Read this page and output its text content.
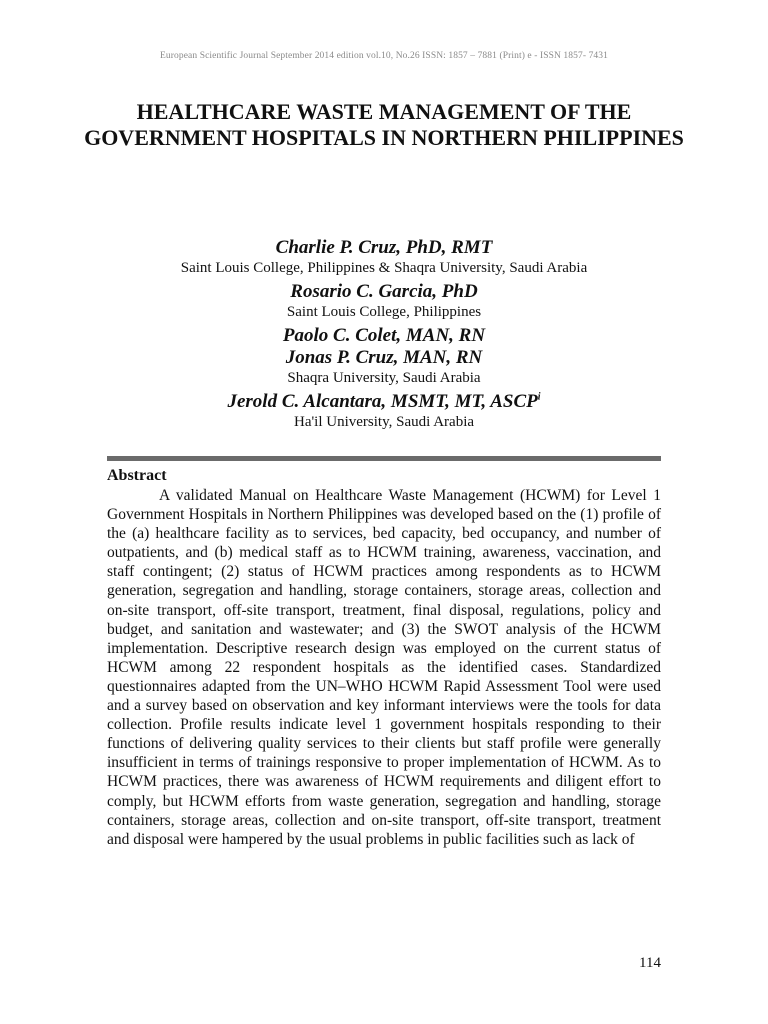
European Scientific Journal September 2014 edition vol.10, No.26 ISSN: 1857 – 7881 (Print) e - ISSN 1857- 7431
HEALTHCARE WASTE MANAGEMENT OF THE GOVERNMENT HOSPITALS IN NORTHERN PHILIPPINES
Charlie P. Cruz, PhD, RMT
Saint Louis College, Philippines & Shaqra University, Saudi Arabia
Rosario C. Garcia, PhD
Saint Louis College, Philippines
Paolo C. Colet, MAN, RN
Jonas P. Cruz, MAN, RN
Shaqra University, Saudi Arabia
Jerold C. Alcantara, MSMT, MT, ASCP$^i$
Ha'il University, Saudi Arabia
Abstract

A validated Manual on Healthcare Waste Management (HCWM) for Level 1 Government Hospitals in Northern Philippines was developed based on the (1) profile of the (a) healthcare facility as to services, bed capacity, bed occupancy, and number of outpatients, and (b) medical staff as to HCWM training, awareness, vaccination, and staff contingent; (2) status of HCWM practices among respondents as to HCWM generation, segregation and handling, storage containers, storage areas, collection and on-site transport, off-site transport, treatment, final disposal, regulations, policy and budget, and sanitation and wastewater; and (3) the SWOT analysis of the HCWM implementation. Descriptive research design was employed on the current status of HCWM among 22 respondent hospitals as the identified cases. Standardized questionnaires adapted from the UN–WHO HCWM Rapid Assessment Tool were used and a survey based on observation and key informant interviews were the tools for data collection. Profile results indicate level 1 government hospitals responding to their functions of delivering quality services to their clients but staff profile were generally insufficient in terms of trainings responsive to proper implementation of HCWM. As to HCWM practices, there was awareness of HCWM requirements and diligent effort to comply, but HCWM efforts from waste generation, segregation and handling, storage containers, storage areas, collection and on-site transport, off-site transport, treatment and disposal were hampered by the usual problems in public facilities such as lack of

114
